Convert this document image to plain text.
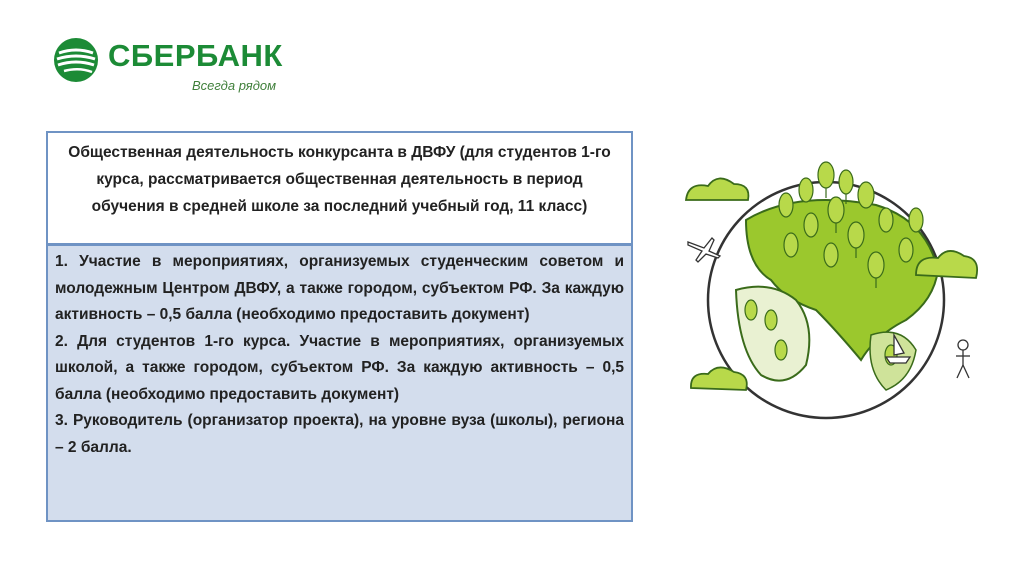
СБЕРБАНК
Всегда рядом
Общественная деятельность конкурсанта в ДВФУ (для студентов 1-го курса, рассматривается общественная деятельность в период обучения в средней школе за последний учебный год, 11 класс)

1. Участие в мероприятиях, организуемых студенческим советом и молодежным Центром ДВФУ, а также городом, субъектом РФ. За каждую активность – 0,5 балла (необходимо предоставить документ)

2. Для студентов 1-го курса. Участие в мероприятиях, организуемых школой, а также городом, субъектом РФ. За каждую активность – 0,5 балла (необходимо предоставить документ)

3. Руководитель (организатор проекта), на уровне вуза (школы), региона – 2 балла.
